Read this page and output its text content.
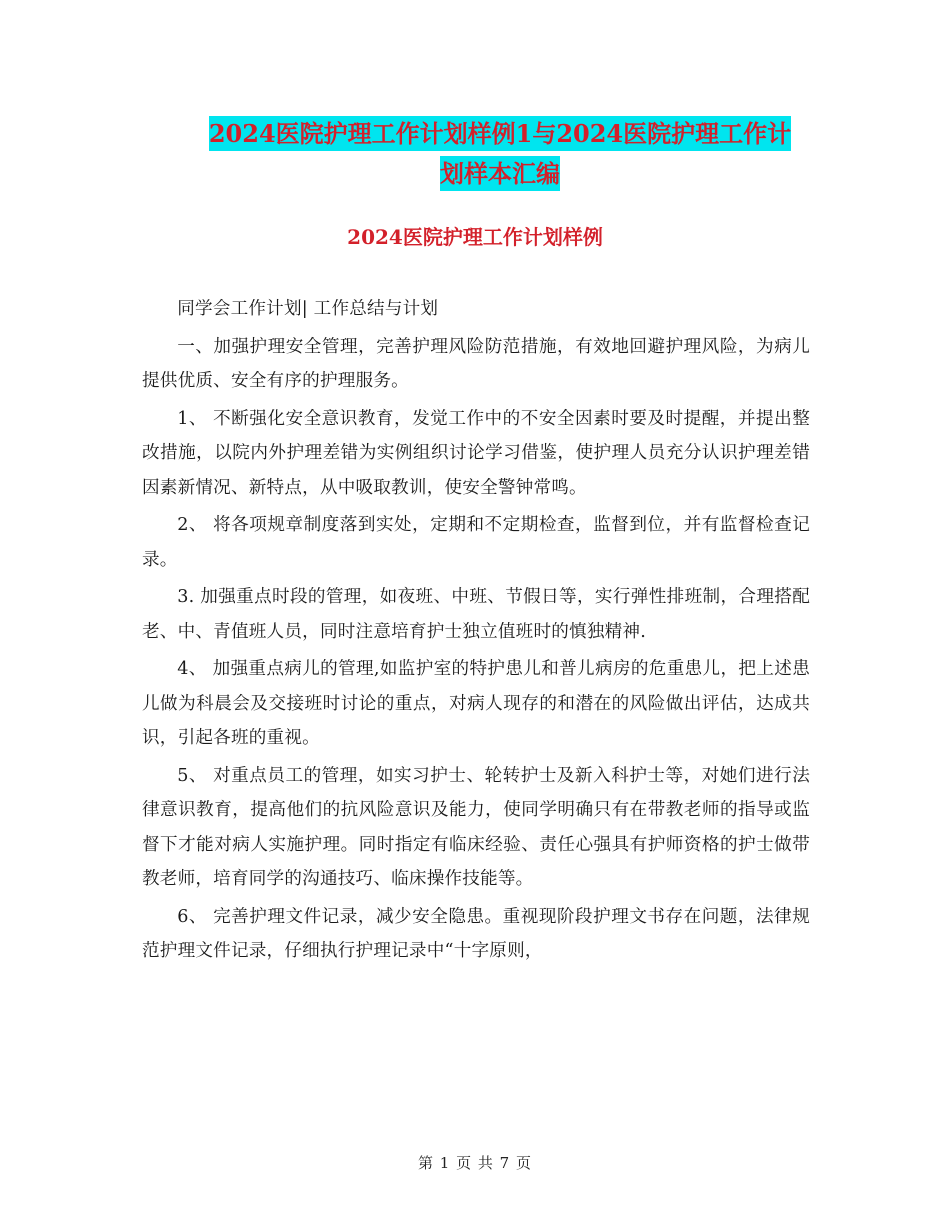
2024医院护理工作计划样例1与2024医院护理工作计
划样本汇编
2024医院护理工作计划样例

同学会工作计划| 工作总结与计划

一、加强护理安全管理，完善护理风险防范措施，有效地回避护理风险，为病儿提供优质、安全有序的护理服务。

1、 不断强化安全意识教育，发觉工作中的不安全因素时要及时提醒，并提出整改措施，以院内外护理差错为实例组织讨论学习借鉴，使护理人员充分认识护理差错因素新情况、新特点，从中吸取教训，使安全警钟常鸣。

2、 将各项规章制度落到实处，定期和不定期检查，监督到位，并有监督检查记录。

3. 加强重点时段的管理，如夜班、中班、节假日等，实行弹性排班制，合理搭配老、中、青值班人员，同时注意培育护士独立值班时的慎独精神.

4、 加强重点病儿的管理,如监护室的特护患儿和普儿病房的危重患儿，把上述患儿做为科晨会及交接班时讨论的重点，对病人现存的和潜在的风险做出评估，达成共识，引起各班的重视。

5、 对重点员工的管理，如实习护士、轮转护士及新入科护士等，对她们进行法律意识教育，提高他们的抗风险意识及能力，使同学明确只有在带教老师的指导或监督下才能对病人实施护理。同时指定有临床经验、责任心强具有护师资格的护士做带教老师，培育同学的沟通技巧、临床操作技能等。

6、 完善护理文件记录，减少安全隐患。重视现阶段护理文书存在问题，法律规范护理文件记录，仔细执行护理记录中“十字原则，

第 1 页 共 7 页
